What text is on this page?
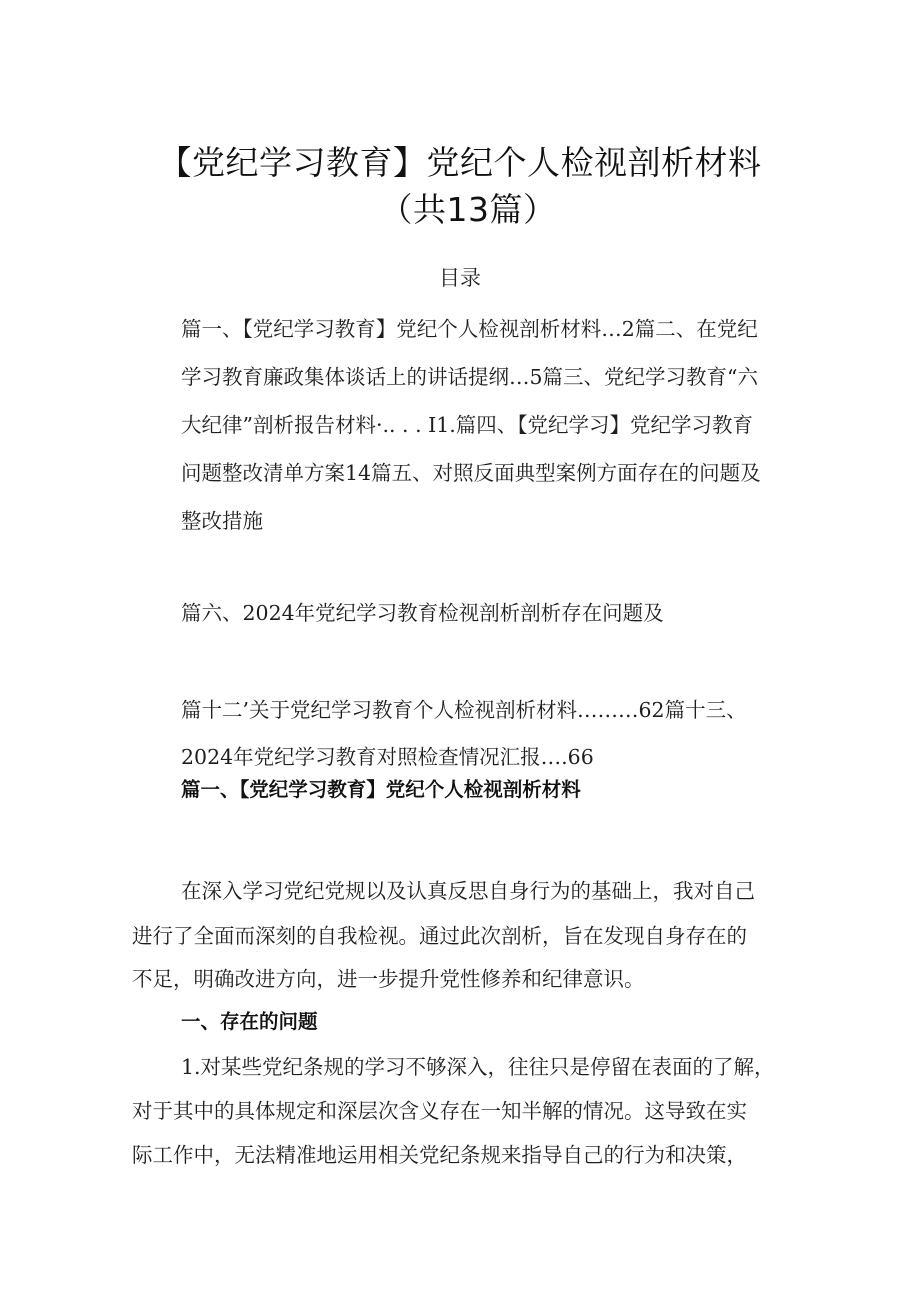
【党纪学习教育】党纪个人检视剖析材料
（共13篇）
目录
篇一、【党纪学习教育】党纪个人检视剖析材料…2篇二、在党纪
学习教育廉政集体谈话上的讲话提纲…5篇三、党纪学习教育“六
大纪律”剖析报告材料·.. . . I1.篇四、【党纪学习】党纪学习教育
问题整改清单方案14篇五、对照反面典型案例方面存在的问题及
整改措施
篇六、2024年党纪学习教育检视剖析剖析存在问题及
篇十二’关于党纪学习教育个人检视剖析材料………62篇十三、
2024年党纪学习教育对照检查情况汇报….66
篇一、【党纪学习教育】党纪个人检视剖析材料
在深入学习党纪党规以及认真反思自身行为的基础上，我对自己
进行了全面而深刻的自我检视。通过此次剖析，旨在发现自身存在的
不足，明确改进方向，进一步提升党性修养和纪律意识。
一、存在的问题
1.对某些党纪条规的学习不够深入，往往只是停留在表面的了解，
对于其中的具体规定和深层次含义存在一知半解的情况。这导致在实
际工作中，无法精准地运用相关党纪条规来指导自己的行为和决策，
